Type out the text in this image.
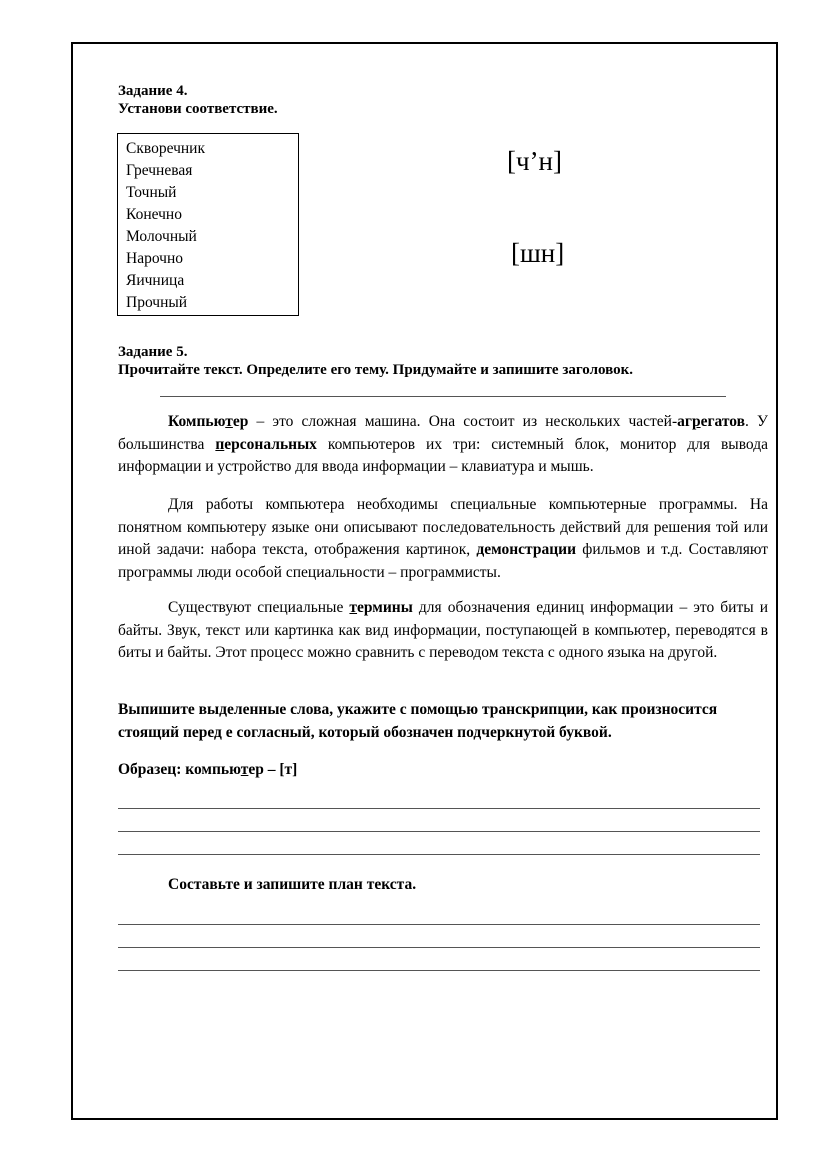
Задание 4.
Установи соответствие.
Скворечник
Гречневая
Точный
Конечно
Молочный
Нарочно
Яичница
Прочный
[ч’н]
[шн]
Задание 5.
Прочитайте текст. Определите его тему. Придумайте и запишите заголовок.
Компьютер – это сложная машина. Она состоит из нескольких частей-агрегатов. У большинства персональных компьютеров их три: системный блок, монитор для вывода информации и устройство для ввода информации – клавиатура и мышь.
Для работы компьютера необходимы специальные компьютерные программы. На понятном компьютеру языке они описывают последовательность действий для решения той или иной задачи: набора текста, отображения картинок, демонстрации фильмов и т.д. Составляют программы люди особой специальности – программисты.
Существуют специальные термины для обозначения единиц информации – это биты и байты. Звук, текст или картинка как вид информации, поступающей в компьютер, переводятся в биты и байты. Этот процесс можно сравнить с переводом текста с одного языка на другой.
Выпишите выделенные слова, укажите с помощью транскрипции, как произносится стоящий перед е согласный, который обозначен подчеркнутой буквой.
Образец: компьютер – [т]
Составьте и запишите план текста.
